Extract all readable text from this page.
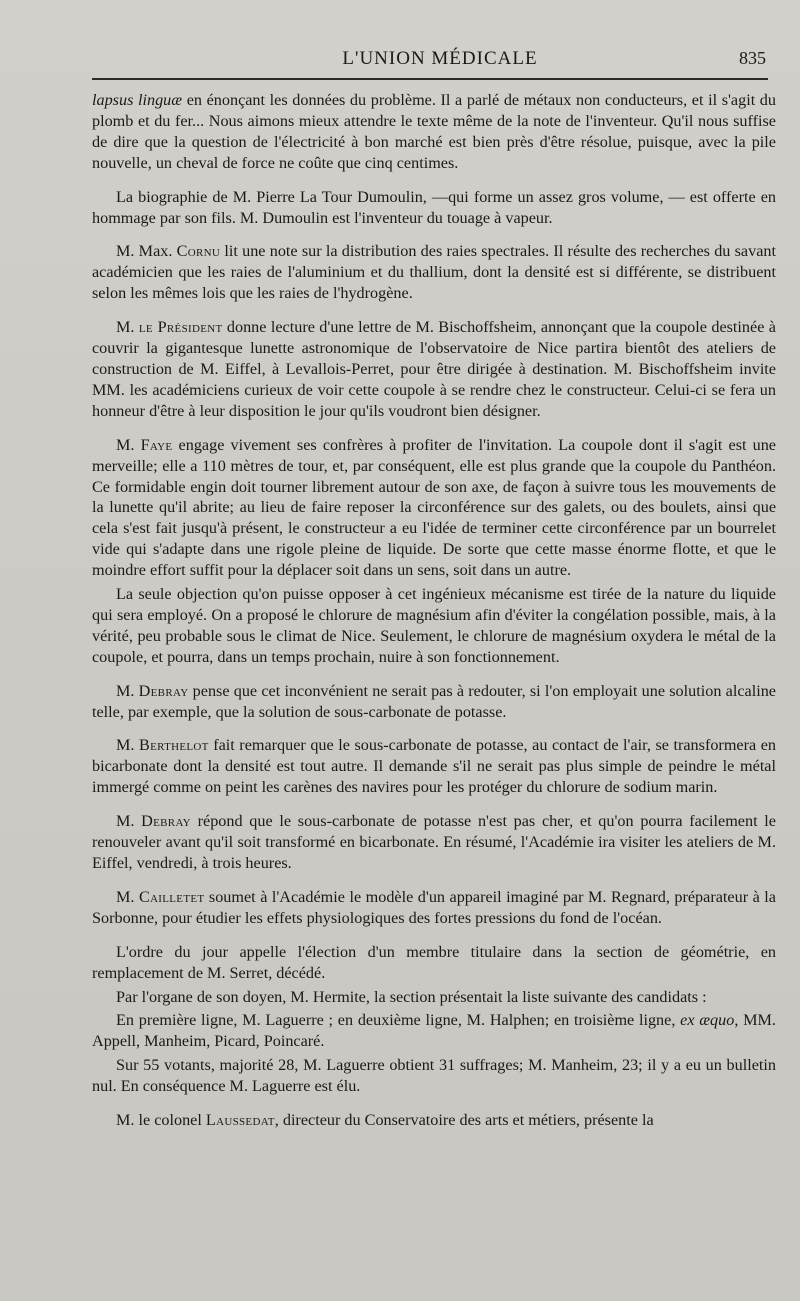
L'UNION MÉDICALE	835

lapsus linguæ en énonçant les données du problème. Il a parlé de métaux non conducteurs, et il s'agit du plomb et du fer... Nous aimons mieux attendre le texte même de la note de l'inventeur. Qu'il nous suffise de dire que la question de l'électricité à bon marché est bien près d'être résolue, puisque, avec la pile nouvelle, un cheval de force ne coûte que cinq centimes.

La biographie de M. Pierre La Tour Dumoulin, —qui forme un assez gros volume, — est offerte en hommage par son fils. M. Dumoulin est l'inventeur du touage à vapeur.

M. Max. Cornu lit une note sur la distribution des raies spectrales. Il résulte des recherches du savant académicien que les raies de l'aluminium et du thallium, dont la densité est si différente, se distribuent selon les mêmes lois que les raies de l'hydrogène.

M. le Président donne lecture d'une lettre de M. Bischoffsheim, annonçant que la coupole destinée à couvrir la gigantesque lunette astronomique de l'observatoire de Nice partira bientôt des ateliers de construction de M. Eiffel, à Levallois-Perret, pour être dirigée à destination. M. Bischoffsheim invite MM. les académiciens curieux de voir cette coupole à se rendre chez le constructeur. Celui-ci se fera un honneur d'être à leur disposition le jour qu'ils voudront bien désigner.

M. Faye engage vivement ses confrères à profiter de l'invitation. La coupole dont il s'agit est une merveille; elle a 110 mètres de tour, et, par conséquent, elle est plus grande que la coupole du Panthéon. Ce formidable engin doit tourner librement autour de son axe, de façon à suivre tous les mouvements de la lunette qu'il abrite; au lieu de faire reposer la circonférence sur des galets, ou des boulets, ainsi que cela s'est fait jusqu'à présent, le constructeur a eu l'idée de terminer cette circonférence par un bourrelet vide qui s'adapte dans une rigole pleine de liquide. De sorte que cette masse énorme flotte, et que le moindre effort suffit pour la déplacer soit dans un sens, soit dans un autre.

La seule objection qu'on puisse opposer à cet ingénieux mécanisme est tirée de la nature du liquide qui sera employé. On a proposé le chlorure de magnésium afin d'éviter la congélation possible, mais, à la vérité, peu probable sous le climat de Nice. Seulement, le chlorure de magnésium oxydera le métal de la coupole, et pourra, dans un temps prochain, nuire à son fonctionnement.

M. Debray pense que cet inconvénient ne serait pas à redouter, si l'on employait une solution alcaline telle, par exemple, que la solution de sous-carbonate de potasse.

M. Berthelot fait remarquer que le sous-carbonate de potasse, au contact de l'air, se transformera en bicarbonate dont la densité est tout autre. Il demande s'il ne serait pas plus simple de peindre le métal immergé comme on peint les carènes des navires pour les protéger du chlorure de sodium marin.

M. Debray répond que le sous-carbonate de potasse n'est pas cher, et qu'on pourra facilement le renouveler avant qu'il soit transformé en bicarbonate. En résumé, l'Académie ira visiter les ateliers de M. Eiffel, vendredi, à trois heures.

M. Cailletet soumet à l'Académie le modèle d'un appareil imaginé par M. Regnard, préparateur à la Sorbonne, pour étudier les effets physiologiques des fortes pressions du fond de l'océan.

L'ordre du jour appelle l'élection d'un membre titulaire dans la section de géométrie, en remplacement de M. Serret, décédé.

Par l'organe de son doyen, M. Hermite, la section présentait la liste suivante des candidats :

En première ligne, M. Laguerre ; en deuxième ligne, M. Halphen; en troisième ligne, ex æquo, MM. Appell, Manheim, Picard, Poincaré.

Sur 55 votants, majorité 28, M. Laguerre obtient 31 suffrages; M. Manheim, 23; il y a eu un bulletin nul. En conséquence M. Laguerre est élu.

M. le colonel Laussedat, directeur du Conservatoire des arts et métiers, présente la
